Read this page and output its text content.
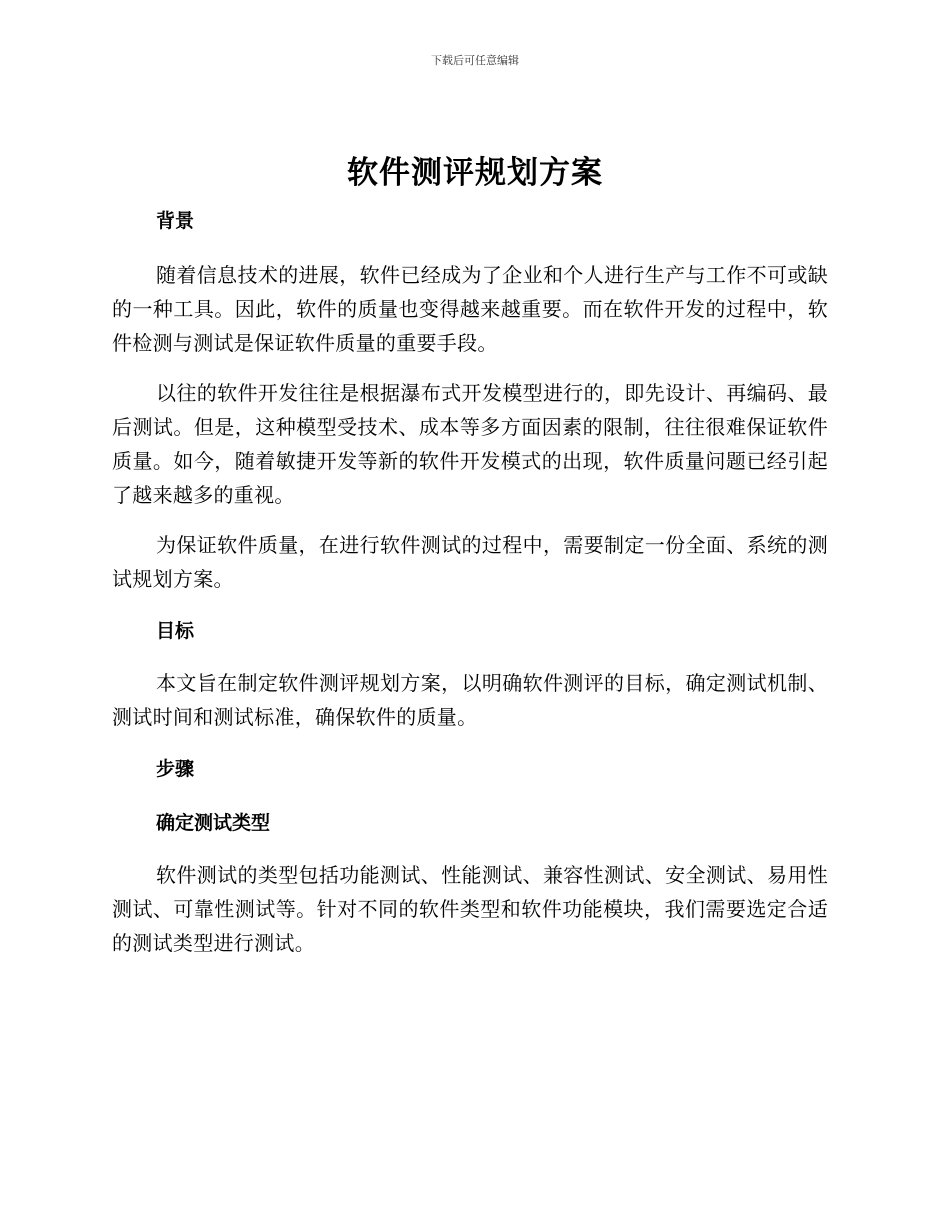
下载后可任意编辑
软件测评规划方案
背景

随着信息技术的进展，软件已经成为了企业和个人进行生产与工作不可或缺的一种工具。因此，软件的质量也变得越来越重要。而在软件开发的过程中，软件检测与测试是保证软件质量的重要手段。

以往的软件开发往往是根据瀑布式开发模型进行的，即先设计、再编码、最后测试。但是，这种模型受技术、成本等多方面因素的限制，往往很难保证软件质量。如今，随着敏捷开发等新的软件开发模式的出现，软件质量问题已经引起了越来越多的重视。

为保证软件质量，在进行软件测试的过程中，需要制定一份全面、系统的测试规划方案。

目标

本文旨在制定软件测评规划方案，以明确软件测评的目标，确定测试机制、测试时间和测试标准，确保软件的质量。

步骤
确定测试类型

软件测试的类型包括功能测试、性能测试、兼容性测试、安全测试、易用性测试、可靠性测试等。针对不同的软件类型和软件功能模块，我们需要选定合适的测试类型进行测试。
